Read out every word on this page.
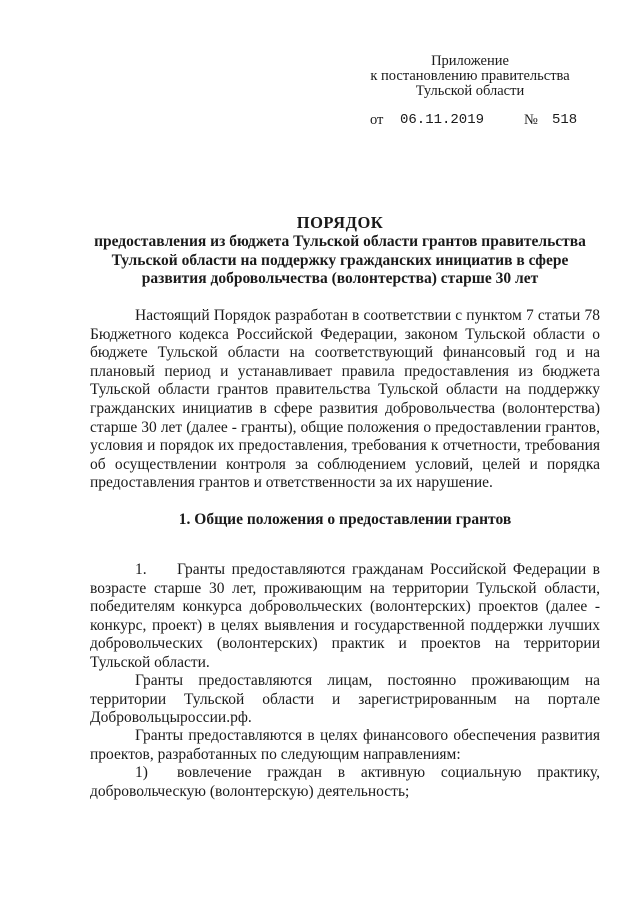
Приложение
к постановлению правительства
Тульской области
от 06.11.2019	№ 518
ПОРЯДОК
предоставления из бюджета Тульской области грантов правительства Тульской области на поддержку гражданских инициатив в сфере развития добровольчества (волонтерства) старше 30 лет
Настоящий Порядок разработан в соответствии с пунктом 7 статьи 78 Бюджетного кодекса Российской Федерации, законом Тульской области о бюджете Тульской области на соответствующий финансовый год и на плановый период и устанавливает правила предоставления из бюджета Тульской области грантов правительства Тульской области на поддержку гражданских инициатив в сфере развития добровольчества (волонтерства) старше 30 лет (далее - гранты), общие положения о предоставлении грантов, условия и порядок их предоставления, требования к отчетности, требования об осуществлении контроля за соблюдением условий, целей и порядка предоставления грантов и ответственности за их нарушение.
1. Общие положения о предоставлении грантов
1. Гранты предоставляются гражданам Российской Федерации в возрасте старше 30 лет, проживающим на территории Тульской области, победителям конкурса добровольческих (волонтерских) проектов (далее - конкурс, проект) в целях выявления и государственной поддержки лучших добровольческих (волонтерских) практик и проектов на территории Тульской области.
Гранты предоставляются лицам, постоянно проживающим на территории Тульской области и зарегистрированным на портале Добровольцыроссии.рф.
Гранты предоставляются в целях финансового обеспечения развития проектов, разработанных по следующим направлениям:
1) вовлечение граждан в активную социальную практику, добровольческую (волонтерскую) деятельность;
